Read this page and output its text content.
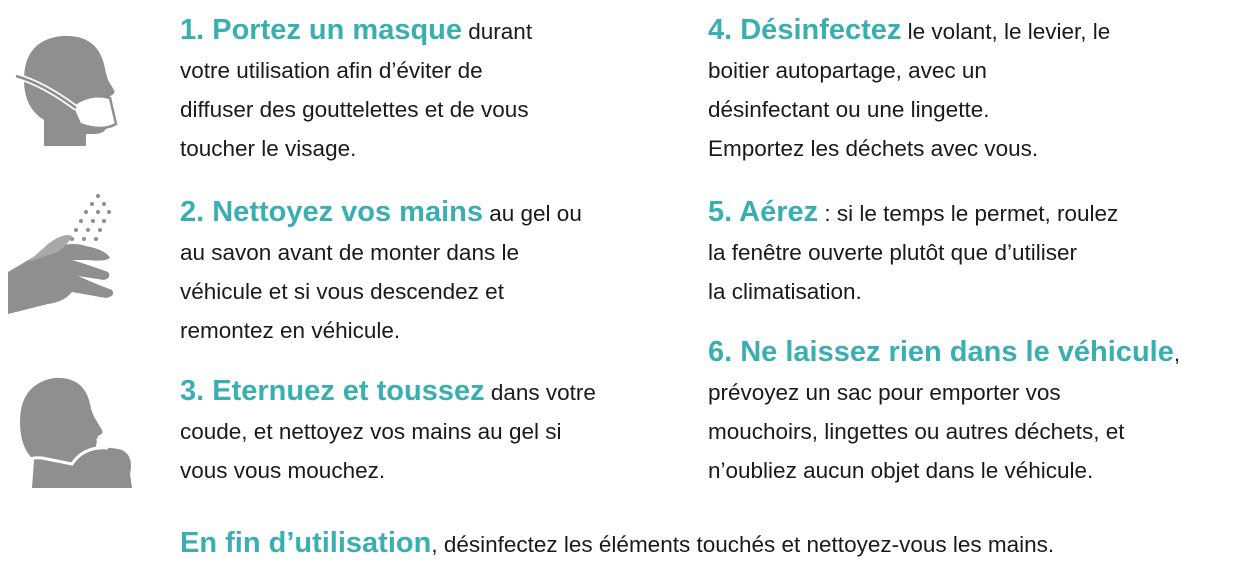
1. Portez un masque durant

votre utilisation afin d’éviter de

diffuser des gouttelettes et de vous

toucher le visage.

2. Nettoyez vos mains au gel ou

au savon avant de monter dans le

véhicule et si vous descendez et

remontez en véhicule.

3. Eternuez et toussez dans votre

coude, et nettoyez vos mains au gel si

vous vous mouchez.

4. Désinfectez le volant, le levier, le

boitier autopartage, avec un

désinfectant ou une lingette.

Emportez les déchets avec vous.

5. Aérez : si le temps le permet, roulez

la fenêtre ouverte plutôt que d’utiliser

la climatisation.

6. Ne laissez rien dans le véhicule,

prévoyez un sac pour emporter vos

mouchoirs, lingettes ou autres déchets, et

n’oubliez aucun objet dans le véhicule.

En fin d’utilisation, désinfectez les éléments touchés et nettoyez-vous les mains.
